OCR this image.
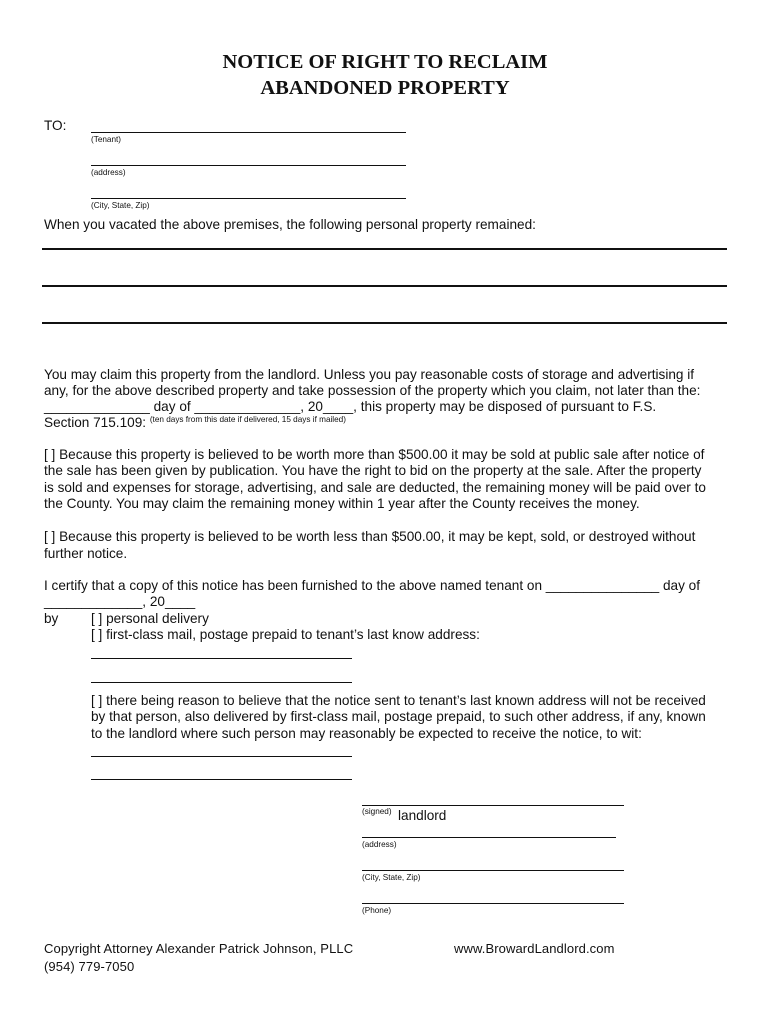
NOTICE OF RIGHT TO RECLAIM
ABANDONED PROPERTY
TO:
(Tenant)
(address)
(City, State, Zip)
When you vacated the above premises, the following personal property remained:
You may claim this property from the landlord. Unless you pay reasonable costs of storage and advertising if
any, for the above described property and take possession of the property which you claim, not later than the:
______________ day of ______________, 20____, this property may be disposed of pursuant to F.S.
Section 715.109: $^{(ten days from this date if delivered, 15 days if mailed)}$
[ ] Because this property is believed to be worth more than $500.00 it may be sold at public sale after notice of
the sale has been given by publication. You have the right to bid on the property at the sale. After the property
is sold and expenses for storage, advertising, and sale are deducted, the remaining money will be paid over to
the County. You may claim the remaining money within 1 year after the County receives the money.
[ ] Because this property is believed to be worth less than $500.00, it may be kept, sold, or destroyed without
further notice.
I certify that a copy of this notice has been furnished to the above named tenant on _______________ day of
_____________, 20____
by [ ] personal delivery
[ ] first-class mail, postage prepaid to tenant’s last know address:
[ ] there being reason to believe that the notice sent to tenant’s last known address will not be received
by that person, also delivered by first-class mail, postage prepaid, to such other address, if any, known
to the landlord where such person may reasonably be expected to receive the notice, to wit:
(signed) landlord
(address)
(City, State, Zip)
(Phone)
Copyright Attorney Alexander Patrick Johnson, PLLC
(954) 779-7050
www.BrowardLandlord.com
